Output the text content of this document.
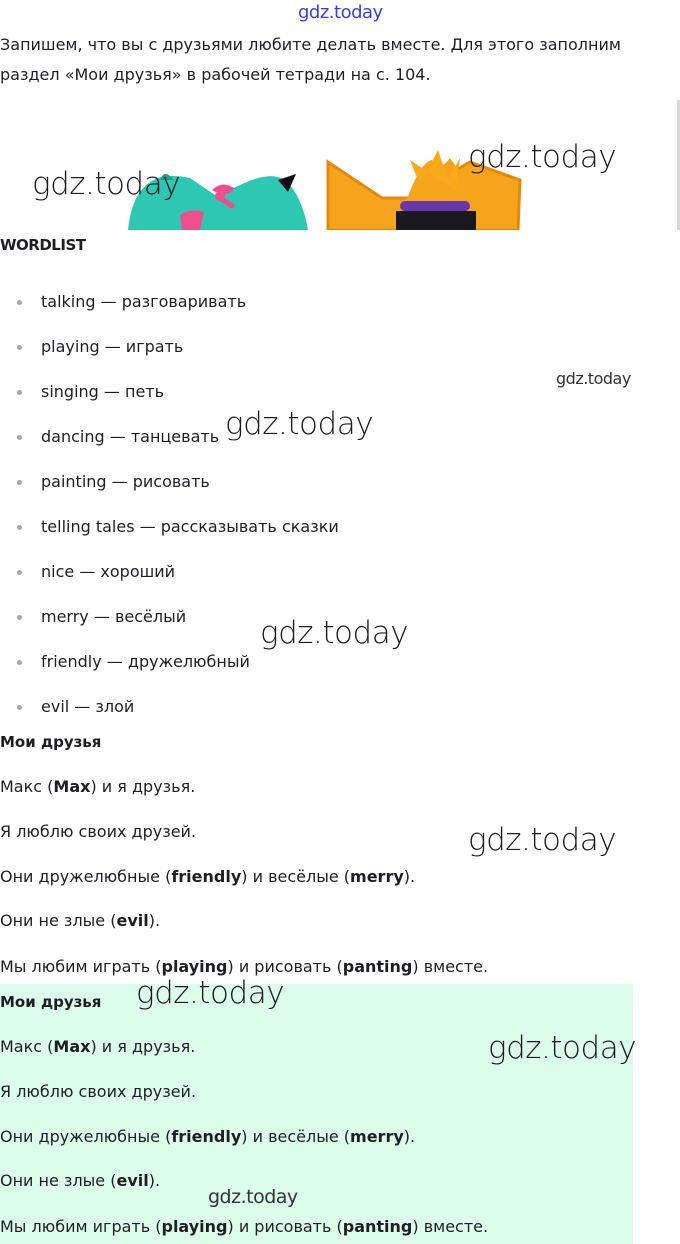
gdz.today

Запишем, что вы с друзьями любите делать вместе. Для этого заполним

раздел «Мои друзья» в рабочей тетради на с. 104.

WORDLIST
talking — разговаривать
playing — играть
singing — петь
dancing — танцевать
painting — рисовать
telling tales — рассказывать сказки
nice — хороший
merry — весёлый
friendly — дружелюбный
evil — злой
Мои друзья
Макс (Max) и я друзья.
Я люблю своих друзей.
Они дружелюбные (friendly) и весёлые (merry).
Они не злые (evil).
Мы любим играть (playing) и рисовать (panting) вместе.
Мои друзья
Макс (Max) и я друзья.
Я люблю своих друзей.
Они дружелюбные (friendly) и весёлые (merry).
Они не злые (evil).
Мы любим играть (playing) и рисовать (panting) вместе.
gdz.today
gdz.today
gdz.today
gdz.today
gdz.today
gdz.today
gdz.today
gdz.today
gdz.today
